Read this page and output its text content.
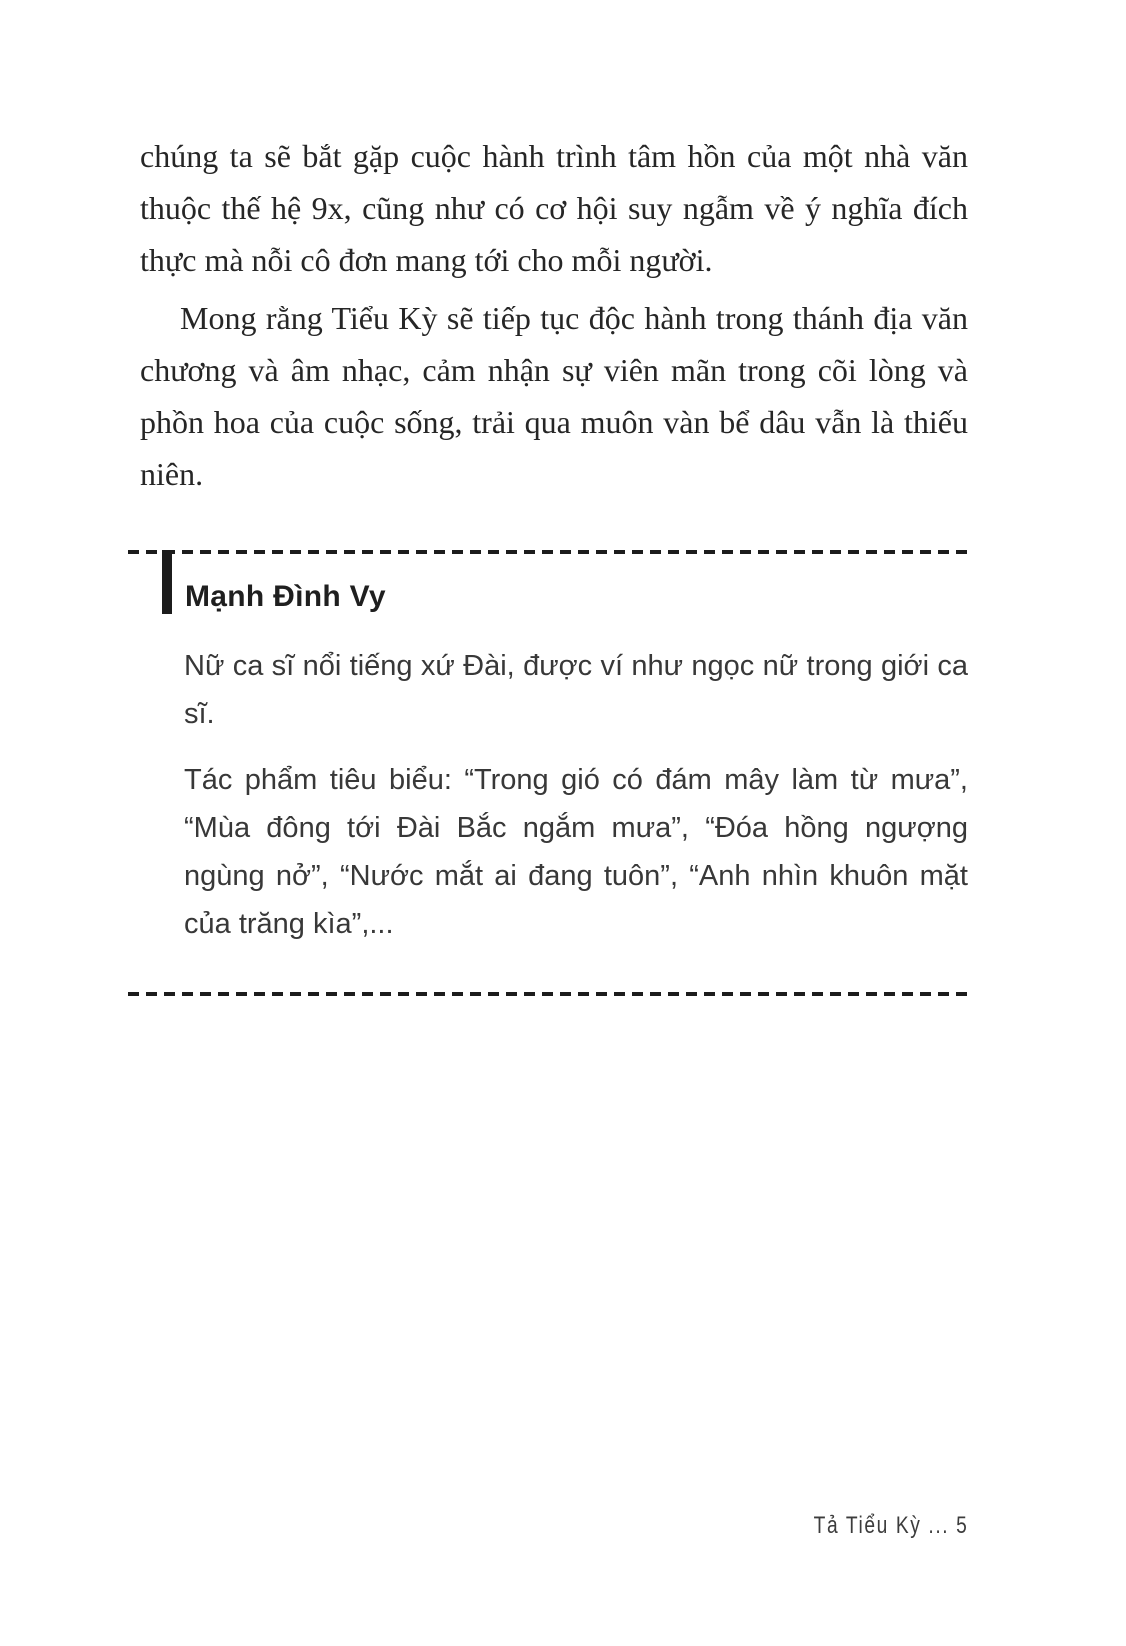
chúng ta sẽ bắt gặp cuộc hành trình tâm hồn của một nhà văn thuộc thế hệ 9x, cũng như có cơ hội suy ngẫm về ý nghĩa đích thực mà nỗi cô đơn mang tới cho mỗi người.

Mong rằng Tiểu Kỳ sẽ tiếp tục độc hành trong thánh địa văn chương và âm nhạc, cảm nhận sự viên mãn trong cõi lòng và phồn hoa của cuộc sống, trải qua muôn vàn bể dâu vẫn là thiếu niên.

Mạnh Đình Vy

Nữ ca sĩ nổi tiếng xứ Đài, được ví như ngọc nữ trong giới ca sĩ.

Tác phẩm tiêu biểu: “Trong gió có đám mây làm từ mưa”, “Mùa đông tới Đài Bắc ngắm mưa”, “Đóa hồng ngượng ngùng nở”, “Nước mắt ai đang tuôn”, “Anh nhìn khuôn mặt của trăng kìa”,...

Tả Tiểu Kỳ ... 5
